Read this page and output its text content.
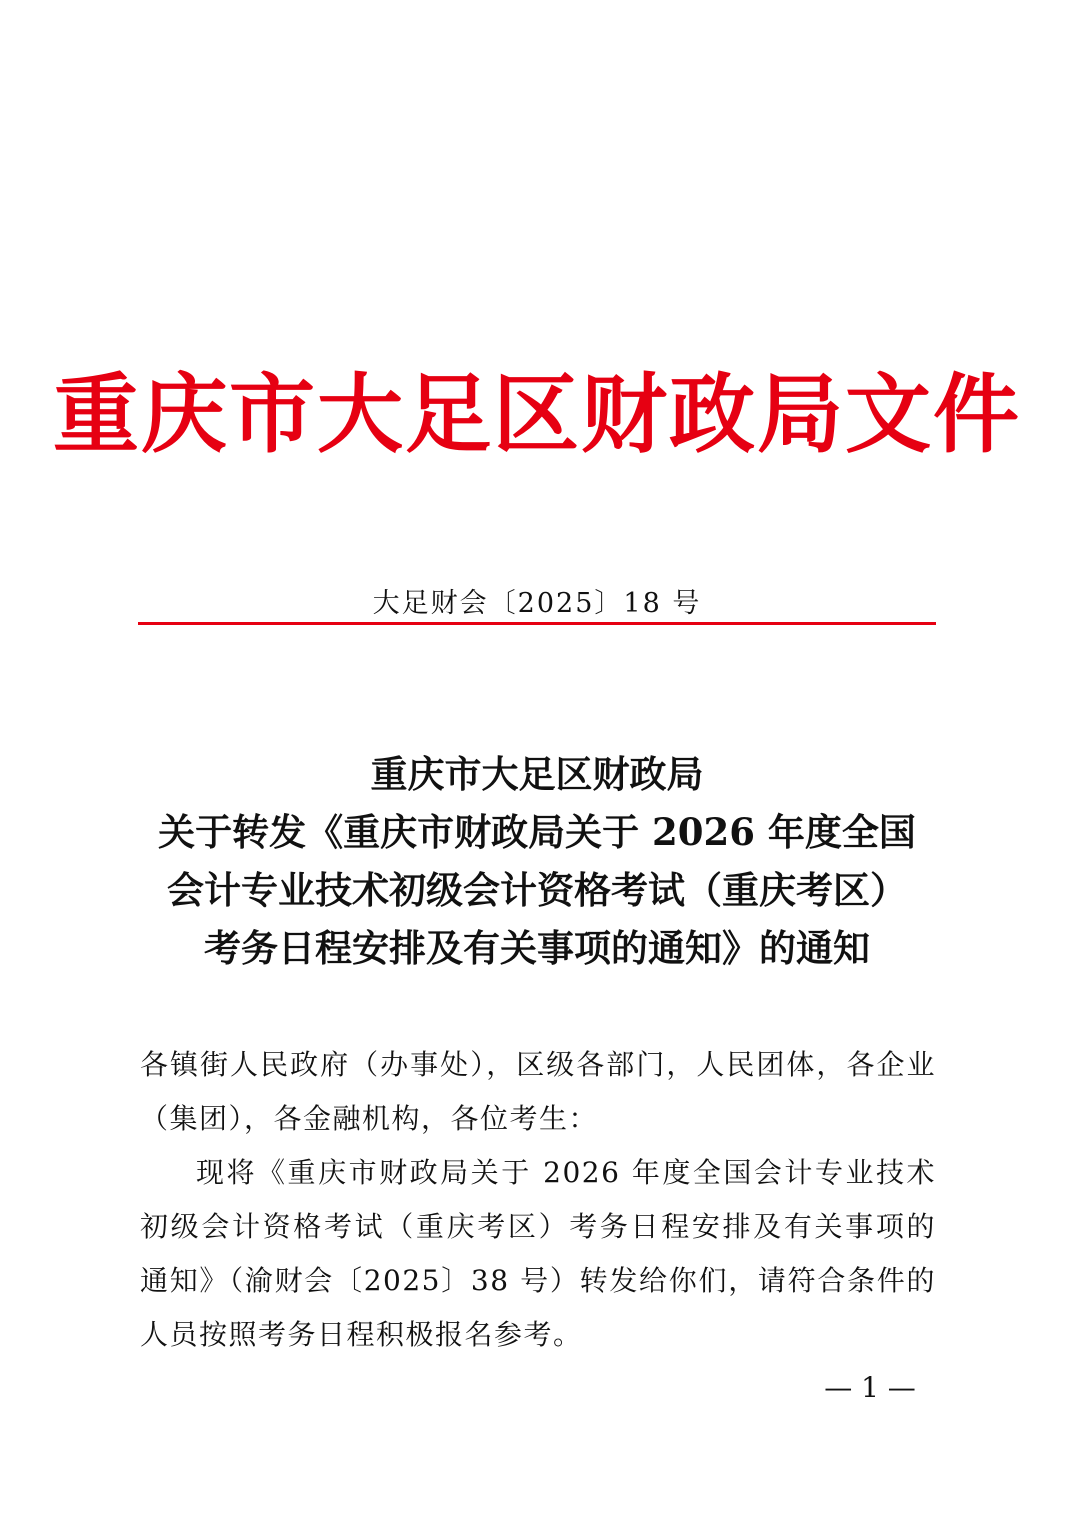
重庆市大足区财政局文件
大足财会〔2025〕18 号
重庆市大足区财政局
关于转发《重庆市财政局关于 2026 年度全国
会计专业技术初级会计资格考试（重庆考区）
考务日程安排及有关事项的通知》的通知

各镇街人民政府（办事处），区级各部门，人民团体，各企业（集团），各金融机构，各位考生：

现将《重庆市财政局关于 2026 年度全国会计专业技术初级会计资格考试（重庆考区）考务日程安排及有关事项的通知》（渝财会〔2025〕38 号）转发给你们，请符合条件的人员按照考务日程积极报名参考。

— 1 —
